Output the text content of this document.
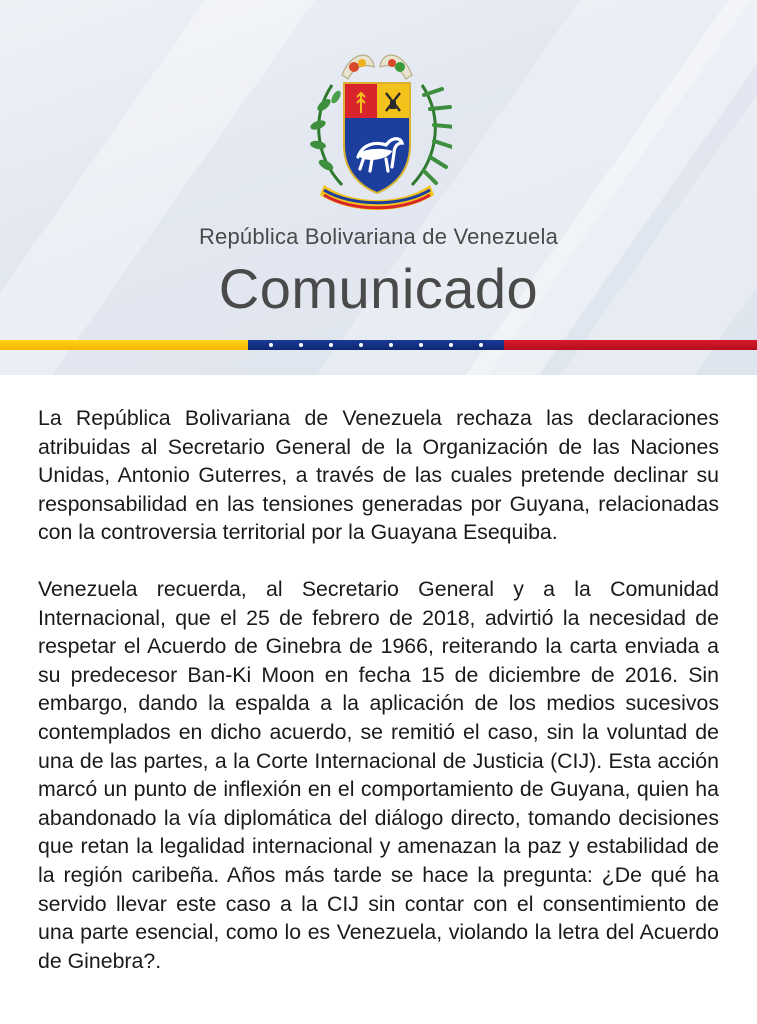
República Bolivariana de Venezuela
Comunicado

La República Bolivariana de Venezuela rechaza las declaraciones atribuidas al Secretario General de la Organización de las Naciones Unidas, Antonio Guterres, a través de las cuales pretende declinar su responsabilidad en las tensiones generadas por Guyana, relacionadas con la controversia territorial por la Guayana Esequiba.

Venezuela recuerda, al Secretario General y a la Comunidad Internacional, que el 25 de febrero de 2018, advirtió la necesidad de respetar el Acuerdo de Ginebra de 1966, reiterando la carta enviada a su predecesor Ban-Ki Moon en fecha 15 de diciembre de 2016. Sin embargo, dando la espalda a la aplicación de los medios sucesivos contemplados en dicho acuerdo, se remitió el caso, sin la voluntad de una de las partes, a la Corte Internacional de Justicia (CIJ). Esta acción marcó un punto de inflexión en el comportamiento de Guyana, quien ha abandonado la vía diplomática del diálogo directo, tomando decisiones que retan la legalidad internacional y amenazan la paz y estabilidad de la región caribeña. Años más tarde se hace la pregunta: ¿De qué ha servido llevar este caso a la CIJ sin contar con el consentimiento de una parte esencial, como lo es Venezuela, violando la letra del Acuerdo de Ginebra?.
